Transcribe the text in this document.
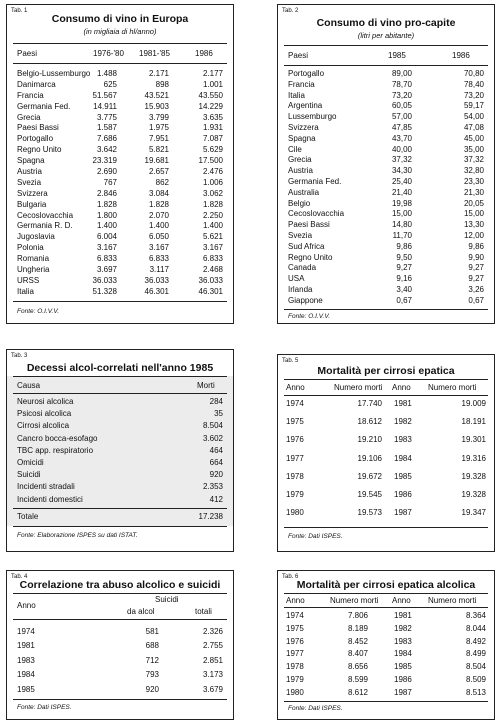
Tab. 1
Consumo di vino in Europa
(in migliaia di hl/anno)
Paesi	1976-'80 1981-'85	1986
Belgio-Lussemburgo 1.488	2.171	2.177
Danimarca	625	898	1.001
Francia	51.567	43.521	43.550
Germania Fed.	14.911	15.903	14.229
Grecia	3.775	3.799	3.635
Paesi Bassi	1.587	1.975	1.931
Portogallo	7.686	7.951	7.087
Regno Unito	3.642	5.821	5.629
Spagna	23.319	19.681	17.500
Austria	2.690	2.657	2.476
Svezia	767	862	1.006
Svizzera	2.846	3.084	3.062
Bulgaria	1.828	1.828	1.828
Cecoslovacchia	1.800	2.070	2.250
Germania R. D.	1.400	1.400	1.400
Jugoslavia	6.004	6.050	5.621
Polonia	3.167	3.167	3.167
Romania	6.833	6.833	6.833
Ungheria	3.697	3.117	2.468
URSS	36.033	36.033	36.033
Italia	51.328	46.301	46.301
Fonte: O.I.V.V.
Tab. 2
Consumo di vino pro-capite
(litri per abitante)
Paesi	1985	1986
Portogallo	89,00	70,80
Francia	78,70	78,40
Italia	73,20	73,20
Argentina	60,05	59,17
Lussemburgo	57,00	54,00
Svizzera	47,85	47,08
Spagna	43,70	45,00
Cile	40,00	35,00
Grecia	37,32	37,32
Austria	34,30	32,80
Germania Fed.	25,40	23,30
Australia	21,40	21,30
Belgio	19,98	20,05
Cecoslovacchia	15,00	15,00
Paesi Bassi	14,80	13,30
Svezia	11,70	12,00
Sud Africa	9,86	9,86
Regno Unito	9,50	9,90
Canada	9,27	9,27
USA	9,16	9,27
Irlanda	3,40	3,26
Giappone	0,67	0,67
Fonte: O.I.V.V.
Tab. 3
Decessi alcol-correlati nell'anno 1985
Causa	Morti
Neurosi alcolica	284
Psicosi alcolica	35
Cirrosi alcolica	8.504
Cancro bocca-esofago	3.602
TBC app. respiratorio	464
Omicidi	664
Suicidi	920
Incidenti stradali	2.353
Incidenti domestici	412
Totale	17.238
Fonte: Elaborazione ISPES su dati ISTAT.
Tab. 5
Mortalità per cirrosi epatica
Anno	Numero morti Anno Numero morti
1974	17.740 1981	19.009
1975	18.612 1982	18.191
1976	19.210 1983	19.301
1977	19.106 1984	19.316
1978	19.672 1985	19.328
1979	19.545 1986	19.328
1980	19.573 1987	19.347
Fonte: Dati ISPES.
Tab. 4
Correlazione tra abuso alcolico e suicidi
Anno
Suicidi
da alcol	totali
1974	581	2.326
1981	688	2.755
1983	712	2.851
1984	793	3.173
1985	920	3.679
Fonte: Dati ISPES.
Tab. 6
Mortalità per cirrosi epatica alcolica
Anno	Numero morti Anno Numero morti
1974	7.806	1981	8.364
1975	8.189	1982	8.044
1976	8.452	1983	8.492
1977	8.407	1984	8.499
1978	8.656	1985	8.504
1979	8.599	1986	8.509
1980	8.612	1987	8.513
Fonte: Dati ISPES.
